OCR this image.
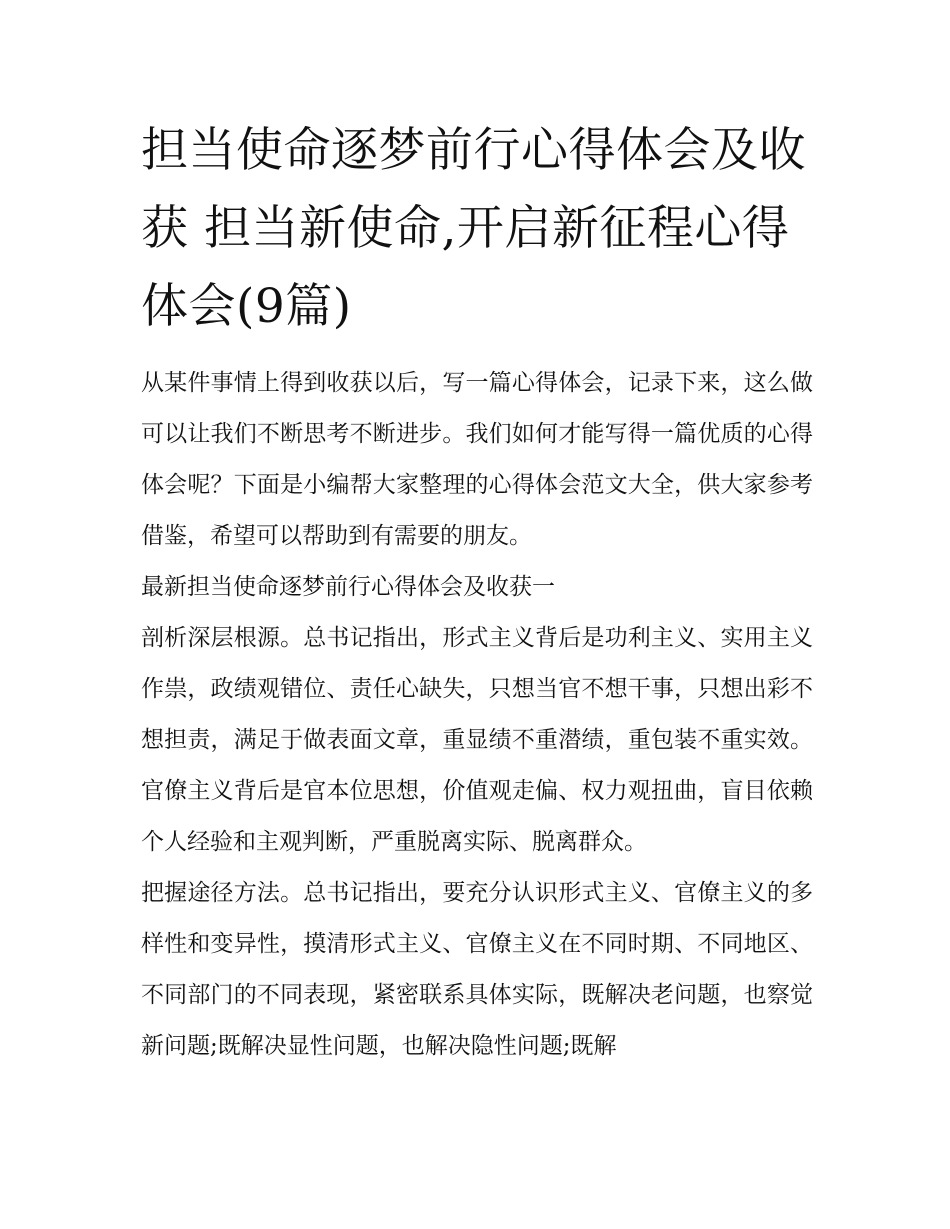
担当使命逐梦前行心得体会及收获 担当新使命,开启新征程心得体会(9篇)

从某件事情上得到收获以后，写一篇心得体会，记录下来，这么做可以让我们不断思考不断进步。我们如何才能写得一篇优质的心得体会呢？下面是小编帮大家整理的心得体会范文大全，供大家参考借鉴，希望可以帮助到有需要的朋友。

最新担当使命逐梦前行心得体会及收获一

剖析深层根源。总书记指出，形式主义背后是功利主义、实用主义作祟，政绩观错位、责任心缺失，只想当官不想干事，只想出彩不想担责，满足于做表面文章，重显绩不重潜绩，重包装不重实效。官僚主义背后是官本位思想，价值观走偏、权力观扭曲，盲目依赖个人经验和主观判断，严重脱离实际、脱离群众。

把握途径方法。总书记指出，要充分认识形式主义、官僚主义的多样性和变异性，摸清形式主义、官僚主义在不同时期、不同地区、不同部门的不同表现，紧密联系具体实际，既解决老问题，也察觉新问题;既解决显性问题，也解决隐性问题;既解
